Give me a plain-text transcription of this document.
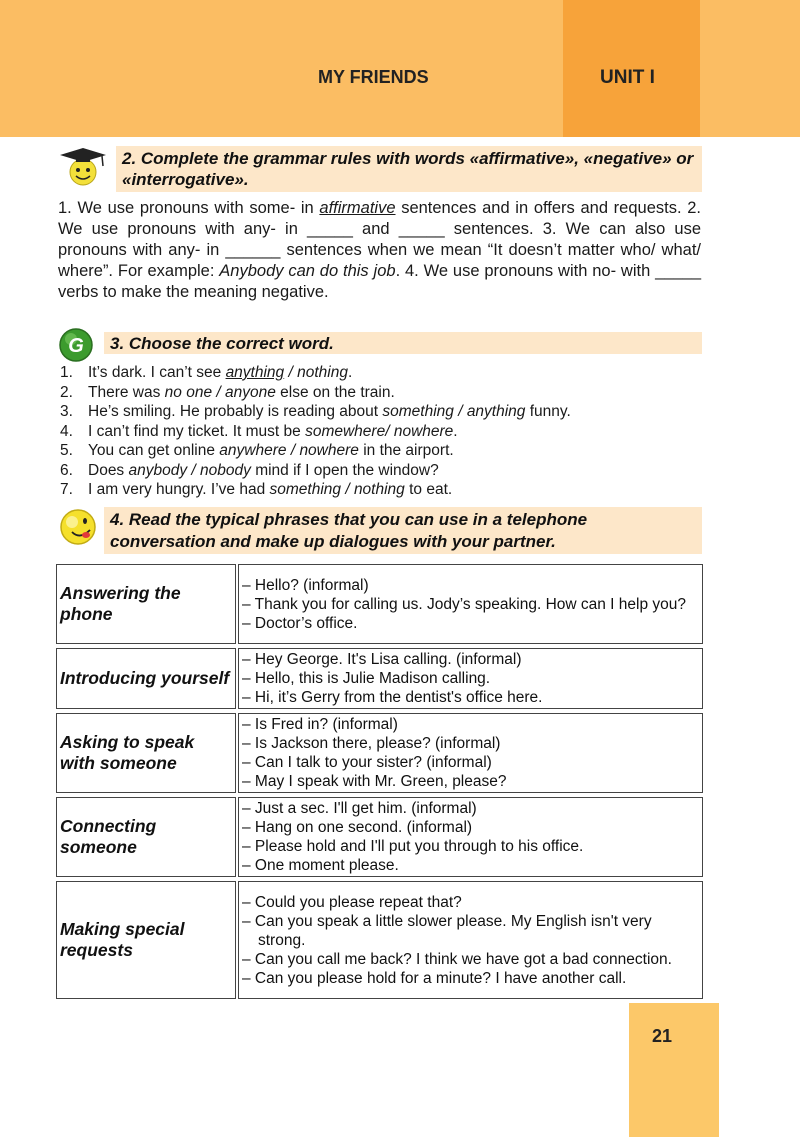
MY FRIENDS	UNIT I
2. Complete the grammar rules with words «affirmative», «negative» or «interrogative».
1. We use pronouns with some- in affirmative sentences and in offers and requests. 2. We use pronouns with any- in _____ and _____ sentences. 3. We can also use pronouns with any- in ______ sentences when we mean “It doesn’t matter who/ what/ where”. For example: Anybody can do this job. 4. We use pronouns with no- with _____ verbs to make the meaning negative.
G	3. Choose the correct word.
1. It’s dark. I can’t see anything / nothing.
2. There was no one / anyone else on the train.
3. He’s smiling. He probably is reading about something / anything funny.
4. I can’t find my ticket. It must be somewhere/ nowhere.
5. You can get online anywhere / nowhere in the airport.
6. Does anybody / nobody mind if I open the window?
7. I am very hungry. I’ve had something / nothing to eat.
4. Read the typical phrases that you can use in a telephone conversation and make up dialogues with your partner.
Answering the phone		– Hello? (informal)
– Thank you for calling us. Jody’s speaking. How can I help you?
– Doctor’s office.

Introducing yourself		– Hey George. It's Lisa calling. (informal)
– Hello, this is Julie Madison calling.
– Hi, it’s Gerry from the dentist's office here.

Asking to speak with someone		– Is Fred in? (informal)
– Is Jackson there, please? (informal)
– Can I talk to your sister? (informal)
– May I speak with Mr. Green, please?

Connecting someone		– Just a sec. I'll get him. (informal)
– Hang on one second. (informal)
– Please hold and I'll put you through to his office.
– One moment please.

Making special requests		– Could you please repeat that?
– Can you speak a little slower please. My English isn't very strong.
– Can you call me back? I think we have got a bad connection.
– Can you please hold for a minute? I have another call.
21
